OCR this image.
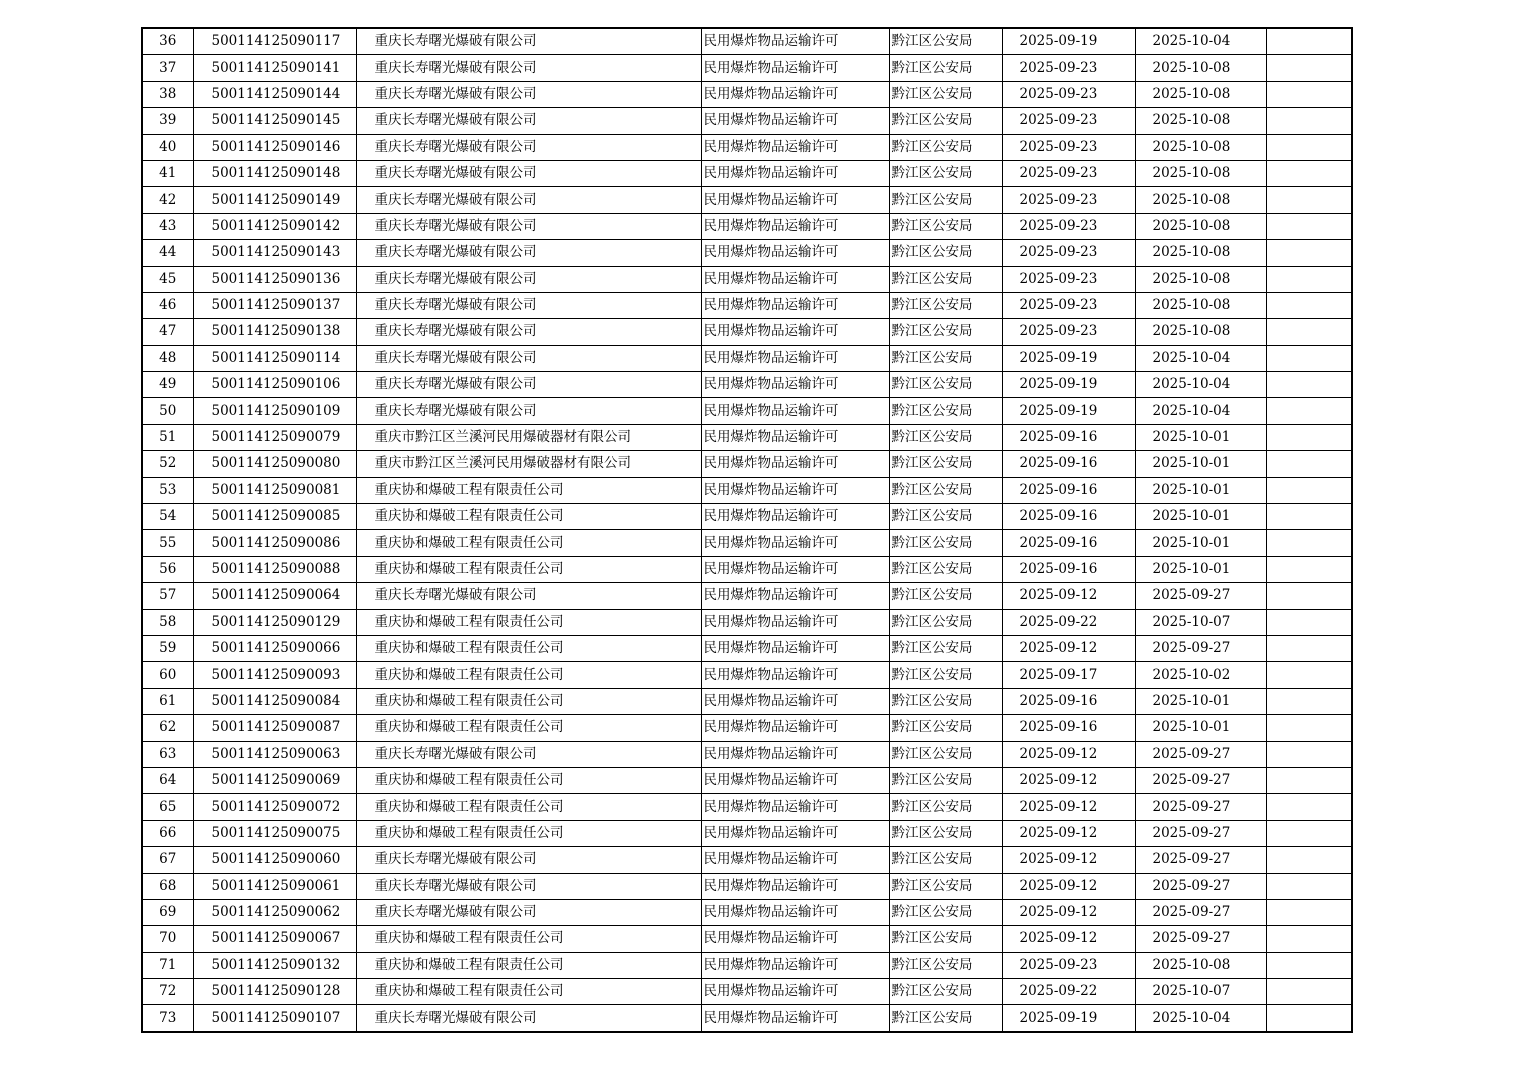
36	500114125090117	重庆长寿曙光爆破有限公司	民用爆炸物品运输许可	黔江区公安局	2025-09-19	2025-10-04	
37	500114125090141	重庆长寿曙光爆破有限公司	民用爆炸物品运输许可	黔江区公安局	2025-09-23	2025-10-08	
38	500114125090144	重庆长寿曙光爆破有限公司	民用爆炸物品运输许可	黔江区公安局	2025-09-23	2025-10-08	
39	500114125090145	重庆长寿曙光爆破有限公司	民用爆炸物品运输许可	黔江区公安局	2025-09-23	2025-10-08	
40	500114125090146	重庆长寿曙光爆破有限公司	民用爆炸物品运输许可	黔江区公安局	2025-09-23	2025-10-08	
41	500114125090148	重庆长寿曙光爆破有限公司	民用爆炸物品运输许可	黔江区公安局	2025-09-23	2025-10-08	
42	500114125090149	重庆长寿曙光爆破有限公司	民用爆炸物品运输许可	黔江区公安局	2025-09-23	2025-10-08	
43	500114125090142	重庆长寿曙光爆破有限公司	民用爆炸物品运输许可	黔江区公安局	2025-09-23	2025-10-08	
44	500114125090143	重庆长寿曙光爆破有限公司	民用爆炸物品运输许可	黔江区公安局	2025-09-23	2025-10-08	
45	500114125090136	重庆长寿曙光爆破有限公司	民用爆炸物品运输许可	黔江区公安局	2025-09-23	2025-10-08	
46	500114125090137	重庆长寿曙光爆破有限公司	民用爆炸物品运输许可	黔江区公安局	2025-09-23	2025-10-08	
47	500114125090138	重庆长寿曙光爆破有限公司	民用爆炸物品运输许可	黔江区公安局	2025-09-23	2025-10-08	
48	500114125090114	重庆长寿曙光爆破有限公司	民用爆炸物品运输许可	黔江区公安局	2025-09-19	2025-10-04	
49	500114125090106	重庆长寿曙光爆破有限公司	民用爆炸物品运输许可	黔江区公安局	2025-09-19	2025-10-04	
50	500114125090109	重庆长寿曙光爆破有限公司	民用爆炸物品运输许可	黔江区公安局	2025-09-19	2025-10-04	
51	500114125090079	重庆市黔江区兰溪河民用爆破器材有限公司	民用爆炸物品运输许可	黔江区公安局	2025-09-16	2025-10-01	
52	500114125090080	重庆市黔江区兰溪河民用爆破器材有限公司	民用爆炸物品运输许可	黔江区公安局	2025-09-16	2025-10-01	
53	500114125090081	重庆协和爆破工程有限责任公司	民用爆炸物品运输许可	黔江区公安局	2025-09-16	2025-10-01	
54	500114125090085	重庆协和爆破工程有限责任公司	民用爆炸物品运输许可	黔江区公安局	2025-09-16	2025-10-01	
55	500114125090086	重庆协和爆破工程有限责任公司	民用爆炸物品运输许可	黔江区公安局	2025-09-16	2025-10-01	
56	500114125090088	重庆协和爆破工程有限责任公司	民用爆炸物品运输许可	黔江区公安局	2025-09-16	2025-10-01	
57	500114125090064	重庆长寿曙光爆破有限公司	民用爆炸物品运输许可	黔江区公安局	2025-09-12	2025-09-27	
58	500114125090129	重庆协和爆破工程有限责任公司	民用爆炸物品运输许可	黔江区公安局	2025-09-22	2025-10-07	
59	500114125090066	重庆协和爆破工程有限责任公司	民用爆炸物品运输许可	黔江区公安局	2025-09-12	2025-09-27	
60	500114125090093	重庆协和爆破工程有限责任公司	民用爆炸物品运输许可	黔江区公安局	2025-09-17	2025-10-02	
61	500114125090084	重庆协和爆破工程有限责任公司	民用爆炸物品运输许可	黔江区公安局	2025-09-16	2025-10-01	
62	500114125090087	重庆协和爆破工程有限责任公司	民用爆炸物品运输许可	黔江区公安局	2025-09-16	2025-10-01	
63	500114125090063	重庆长寿曙光爆破有限公司	民用爆炸物品运输许可	黔江区公安局	2025-09-12	2025-09-27	
64	500114125090069	重庆协和爆破工程有限责任公司	民用爆炸物品运输许可	黔江区公安局	2025-09-12	2025-09-27	
65	500114125090072	重庆协和爆破工程有限责任公司	民用爆炸物品运输许可	黔江区公安局	2025-09-12	2025-09-27	
66	500114125090075	重庆协和爆破工程有限责任公司	民用爆炸物品运输许可	黔江区公安局	2025-09-12	2025-09-27	
67	500114125090060	重庆长寿曙光爆破有限公司	民用爆炸物品运输许可	黔江区公安局	2025-09-12	2025-09-27	
68	500114125090061	重庆长寿曙光爆破有限公司	民用爆炸物品运输许可	黔江区公安局	2025-09-12	2025-09-27	
69	500114125090062	重庆长寿曙光爆破有限公司	民用爆炸物品运输许可	黔江区公安局	2025-09-12	2025-09-27	
70	500114125090067	重庆协和爆破工程有限责任公司	民用爆炸物品运输许可	黔江区公安局	2025-09-12	2025-09-27	
71	500114125090132	重庆协和爆破工程有限责任公司	民用爆炸物品运输许可	黔江区公安局	2025-09-23	2025-10-08	
72	500114125090128	重庆协和爆破工程有限责任公司	民用爆炸物品运输许可	黔江区公安局	2025-09-22	2025-10-07	
73	500114125090107	重庆长寿曙光爆破有限公司	民用爆炸物品运输许可	黔江区公安局	2025-09-19	2025-10-04	
